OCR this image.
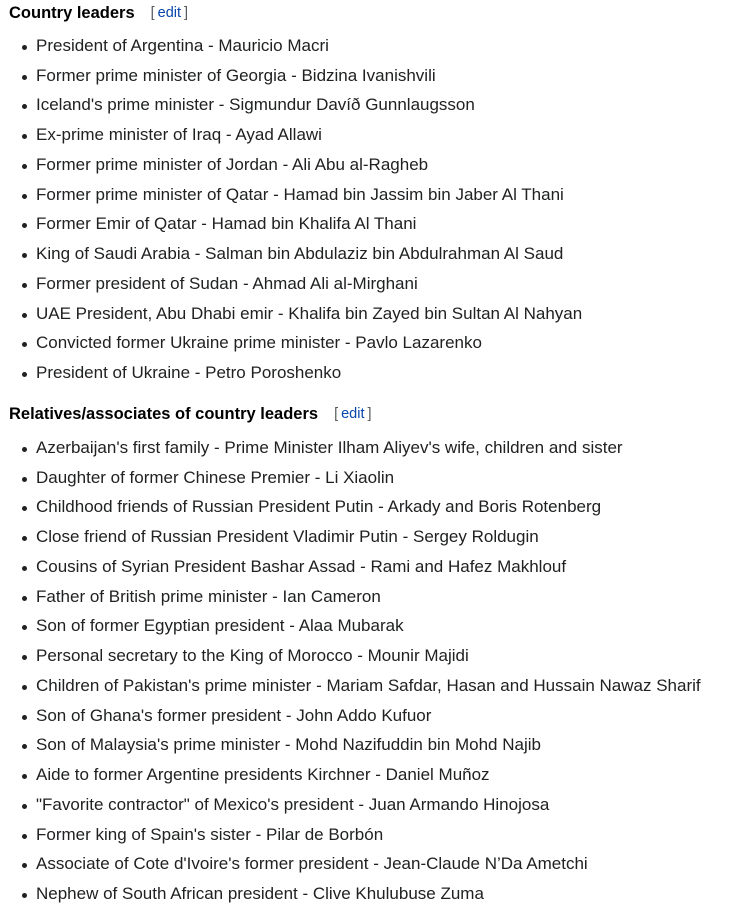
Country leaders [ edit ]
President of Argentina - Mauricio Macri
Former prime minister of Georgia - Bidzina Ivanishvili
Iceland's prime minister - Sigmundur Davíð Gunnlaugsson
Ex-prime minister of Iraq - Ayad Allawi
Former prime minister of Jordan - Ali Abu al-Ragheb
Former prime minister of Qatar - Hamad bin Jassim bin Jaber Al Thani
Former Emir of Qatar - Hamad bin Khalifa Al Thani
King of Saudi Arabia - Salman bin Abdulaziz bin Abdulrahman Al Saud
Former president of Sudan - Ahmad Ali al-Mirghani
UAE President, Abu Dhabi emir - Khalifa bin Zayed bin Sultan Al Nahyan
Convicted former Ukraine prime minister - Pavlo Lazarenko
President of Ukraine - Petro Poroshenko
Relatives/associates of country leaders [ edit ]
Azerbaijan's first family - Prime Minister Ilham Aliyev's wife, children and sister
Daughter of former Chinese Premier - Li Xiaolin
Childhood friends of Russian President Putin - Arkady and Boris Rotenberg
Close friend of Russian President Vladimir Putin - Sergey Roldugin
Cousins of Syrian President Bashar Assad - Rami and Hafez Makhlouf
Father of British prime minister - Ian Cameron
Son of former Egyptian president - Alaa Mubarak
Personal secretary to the King of Morocco - Mounir Majidi
Children of Pakistan's prime minister - Mariam Safdar, Hasan and Hussain Nawaz Sharif
Son of Ghana's former president - John Addo Kufuor
Son of Malaysia's prime minister - Mohd Nazifuddin bin Mohd Najib
Aide to former Argentine presidents Kirchner - Daniel Muñoz
"Favorite contractor" of Mexico's president - Juan Armando Hinojosa
Former king of Spain's sister - Pilar de Borbón
Associate of Cote d'Ivoire's former president - Jean-Claude N’Da Ametchi
Nephew of South African president - Clive Khulubuse Zuma
